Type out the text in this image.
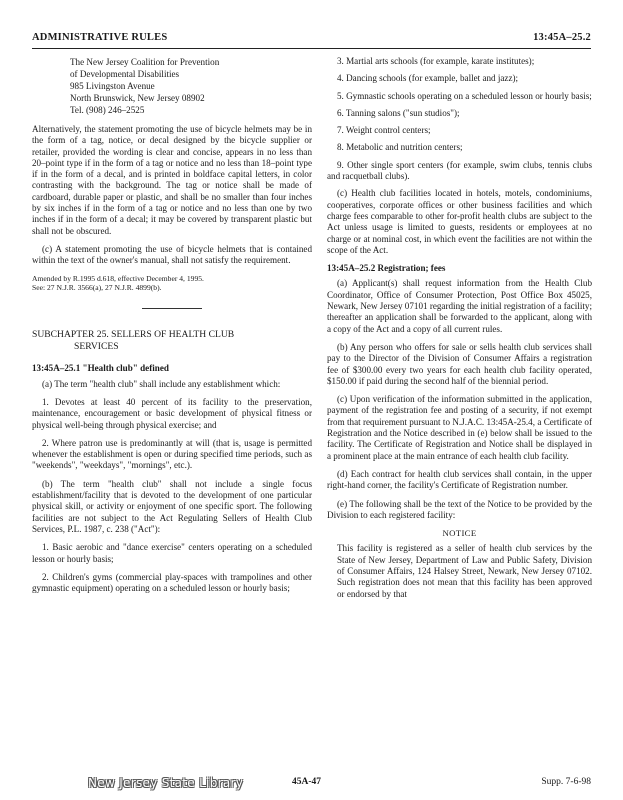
ADMINISTRATIVE RULES	13:45A–25.2
The New Jersey Coalition for Prevention
of Developmental Disabilities
985 Livingston Avenue
North Brunswick, New Jersey 08902
Tel. (908) 246–2525

Alternatively, the statement promoting the use of bicycle helmets may be in the form of a tag, notice, or decal designed by the bicycle supplier or retailer, provided the wording is clear and concise, appears in no less than 20–point type if in the form of a tag or notice and no less than 18–point type if in the form of a decal, and is printed in boldface capital letters, in color contrasting with the background. The tag or notice shall be made of cardboard, durable paper or plastic, and shall be no smaller than four inches by six inches if in the form of a tag or notice and no less than one by two inches if in the form of a decal; it may be covered by transparent plastic but shall not be obscured.

(c) A statement promoting the use of bicycle helmets that is contained within the text of the owner's manual, shall not satisfy the requirement.

Amended by R.1995 d.618, effective December 4, 1995.
See: 27 N.J.R. 3566(a), 27 N.J.R. 4899(b).
SUBCHAPTER 25. SELLERS OF HEALTH CLUB
SERVICES
13:45A–25.1 "Health club" defined

(a) The term "health club" shall include any establishment which:

1. Devotes at least 40 percent of its facility to the preservation, maintenance, encouragement or basic development of physical fitness or physical well-being through physical exercise; and

2. Where patron use is predominantly at will (that is, usage is permitted whenever the establishment is open or during specified time periods, such as "weekends", "weekdays", "mornings", etc.).

(b) The term "health club" shall not include a single focus establishment/facility that is devoted to the development of one particular physical skill, or activity or enjoyment of one specific sport. The following facilities are not subject to the Act Regulating Sellers of Health Club Services, P.L. 1987, c. 238 ("Act"):

1. Basic aerobic and "dance exercise" centers operating on a scheduled lesson or hourly basis;

2. Children's gyms (commercial play-spaces with trampolines and other gymnastic equipment) operating on a scheduled lesson or hourly basis;

3. Martial arts schools (for example, karate institutes);

4. Dancing schools (for example, ballet and jazz);

5. Gymnastic schools operating on a scheduled lesson or hourly basis;

6. Tanning salons ("sun studios");

7. Weight control centers;

8. Metabolic and nutrition centers;

9. Other single sport centers (for example, swim clubs, tennis clubs and racquetball clubs).

(c) Health club facilities located in hotels, motels, condominiums, cooperatives, corporate offices or other business facilities and which charge fees comparable to other for-profit health clubs are subject to the Act unless usage is limited to guests, residents or employees at no charge or at nominal cost, in which event the facilities are not within the scope of the Act.

13:45A–25.2 Registration; fees

(a) Applicant(s) shall request information from the Health Club Coordinator, Office of Consumer Protection, Post Office Box 45025, Newark, New Jersey 07101 regarding the initial registration of a facility; thereafter an application shall be forwarded to the applicant, along with a copy of the Act and a copy of all current rules.

(b) Any person who offers for sale or sells health club services shall pay to the Director of the Division of Consumer Affairs a registration fee of $300.00 every two years for each health club facility operated, $150.00 if paid during the second half of the biennial period.

(c) Upon verification of the information submitted in the application, payment of the registration fee and posting of a security, if not exempt from that requirement pursuant to N.J.A.C. 13:45A-25.4, a Certificate of Registration and the Notice described in (e) below shall be issued to the facility. The Certificate of Registration and Notice shall be displayed in a prominent place at the main entrance of each health club facility.

(d) Each contract for health club services shall contain, in the upper right-hand corner, the facility's Certificate of Registration number.

(e) The following shall be the text of the Notice to be provided by the Division to each registered facility:

NOTICE

This facility is registered as a seller of health club services by the State of New Jersey, Department of Law and Public Safety, Division of Consumer Affairs, 124 Halsey Street, Newark, New Jersey 07102. Such registration does not mean that this facility has been approved or endorsed by that

New Jersey State Library	45A-47	Supp. 7-6-98
